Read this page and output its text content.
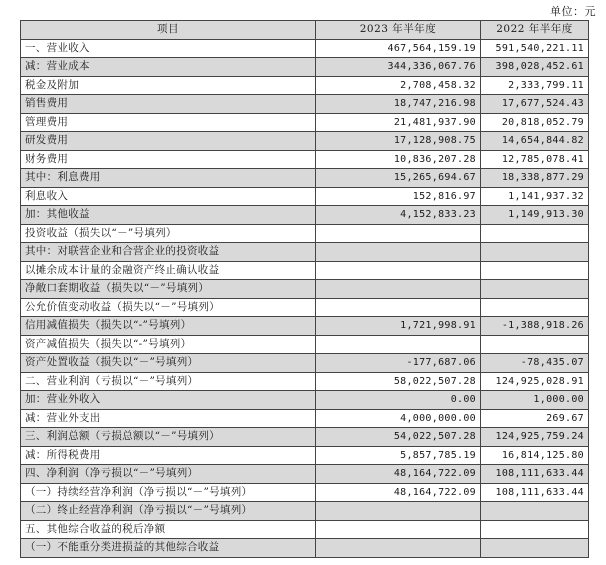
单位：元
项目	2023 年半年度	2022 年半年度
一、营业收入	467,564,159.19	591,540,221.11
减：营业成本	344,336,067.76	398,028,452.61
税金及附加	2,708,458.32	2,333,799.11
销售费用	18,747,216.98	17,677,524.43
管理费用	21,481,937.90	20,818,052.79
研发费用	17,128,908.75	14,654,844.82
财务费用	10,836,207.28	12,785,078.41
其中：利息费用	15,265,694.67	18,338,877.29
利息收入	152,816.97	1,141,937.32
加：其他收益	4,152,833.23	1,149,913.30
投资收益（损失以“－”号填列）		
其中：对联营企业和合营企业的投资收益		
以摊余成本计量的金融资产终止确认收益		
净敞口套期收益（损失以“－”号填列）		
公允价值变动收益（损失以“－”号填列）		
信用减值损失（损失以“-”号填列）	1,721,998.91	-1,388,918.26
资产减值损失（损失以“-”号填列）		
资产处置收益（损失以“－”号填列）	-177,687.06	-78,435.07
二、营业利润（亏损以“－”号填列）	58,022,507.28	124,925,028.91
加：营业外收入	0.00	1,000.00
减：营业外支出	4,000,000.00	269.67
三、利润总额（亏损总额以“－”号填列）	54,022,507.28	124,925,759.24
减：所得税费用	5,857,785.19	16,814,125.80
四、净利润（净亏损以“－”号填列）	48,164,722.09	108,111,633.44
（一）持续经营净利润（净亏损以“－”号填列）	48,164,722.09	108,111,633.44
（二）终止经营净利润（净亏损以“－”号填列）		
五、其他综合收益的税后净额		
（一）不能重分类进损益的其他综合收益		
